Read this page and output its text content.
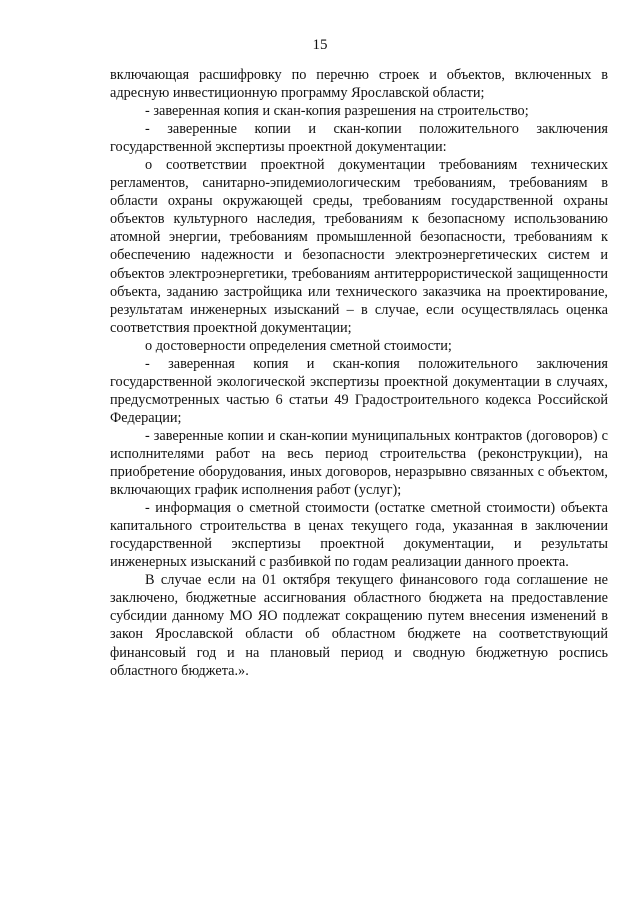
15

включающая расшифровку по перечню строек и объектов, включенных в адресную инвестиционную программу Ярославской области;

- заверенная копия и скан-копия разрешения на строительство;

- заверенные копии и скан-копии положительного заключения государственной экспертизы проектной документации:

о соответствии проектной документации требованиям технических регламентов, санитарно-эпидемиологическим требованиям, требованиям в области охраны окружающей среды, требованиям государственной охраны объектов культурного наследия, требованиям к безопасному использованию атомной энергии, требованиям промышленной безопасности, требованиям к обеспечению надежности и безопасности электроэнергетических систем и объектов электроэнергетики, требованиям антитеррористической защищенности объекта, заданию застройщика или технического заказчика на проектирование, результатам инженерных изысканий – в случае, если осуществлялась оценка соответствия проектной документации;

о достоверности определения сметной стоимости;

- заверенная копия и скан-копия положительного заключения государственной экологической экспертизы проектной документации в случаях, предусмотренных частью 6 статьи 49 Градостроительного кодекса Российской Федерации;

- заверенные копии и скан-копии муниципальных контрактов (договоров) с исполнителями работ на весь период строительства (реконструкции), на приобретение оборудования, иных договоров, неразрывно связанных с объектом, включающих график исполнения работ (услуг);

- информация о сметной стоимости (остатке сметной стоимости) объекта капитального строительства в ценах текущего года, указанная в заключении государственной экспертизы проектной документации, и результаты инженерных изысканий с разбивкой по годам реализации данного проекта.

В случае если на 01 октября текущего финансового года соглашение не заключено, бюджетные ассигнования областного бюджета на предоставление субсидии данному МО ЯО подлежат сокращению путем внесения изменений в закон Ярославской области об областном бюджете на соответствующий финансовый год и на плановый период и сводную бюджетную роспись областного бюджета.».
